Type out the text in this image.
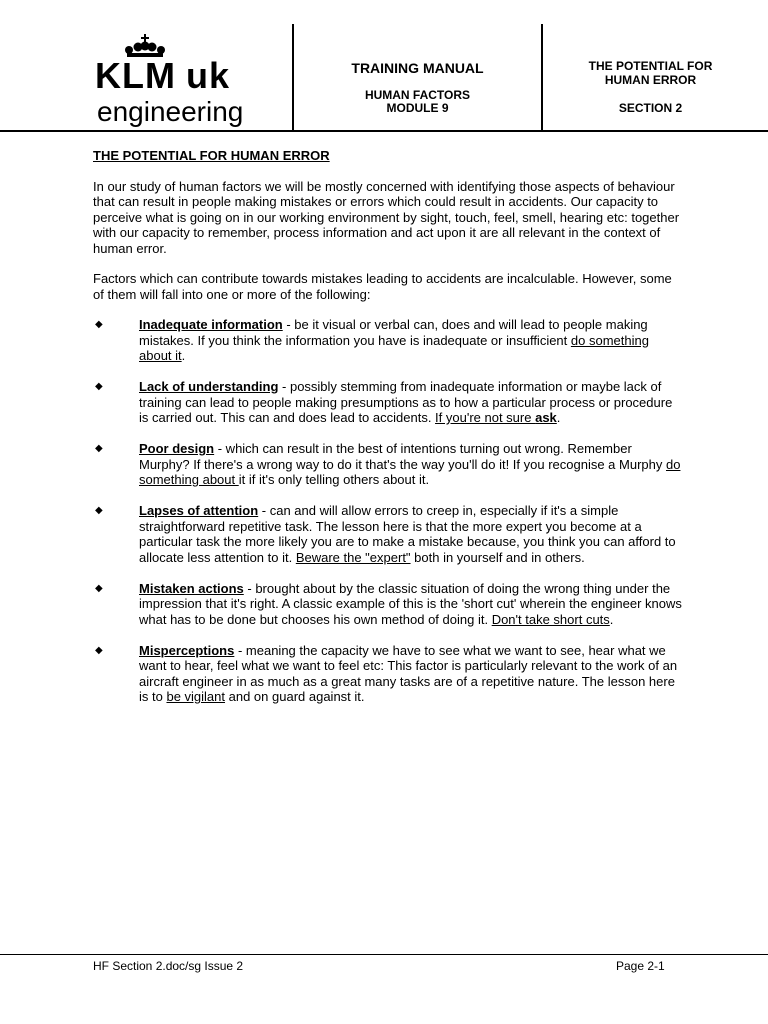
KLM uk
engineering
TRAINING MANUAL
HUMAN FACTORS
MODULE 9
THE POTENTIAL FOR
HUMAN ERROR
SECTION 2
THE POTENTIAL FOR HUMAN ERROR

In our study of human factors we will be mostly concerned with identifying those aspects of behaviour that can result in people making mistakes or errors which could result in accidents. Our capacity to perceive what is going on in our working environment by sight, touch, feel, smell, hearing etc: together with our capacity to remember, process information and act upon it are all relevant in the context of human error.

Factors which can contribute towards mistakes leading to accidents are incalculable. However, some of them will fall into one or more of the following:

◆	Inadequate information - be it visual or verbal can, does and will lead to people making mistakes. If you think the information you have is inadequate or insufficient do something about it.
◆	Lack of understanding - possibly stemming from inadequate information or maybe lack of training can lead to people making presumptions as to how a particular process or procedure is carried out. This can and does lead to accidents. If you're not sure ask.
◆	Poor design - which can result in the best of intentions turning out wrong. Remember Murphy? If there's a wrong way to do it that's the way you'll do it! If you recognise a Murphy do something about it if it's only telling others about it.
◆	Lapses of attention - can and will allow errors to creep in, especially if it's a simple straightforward repetitive task. The lesson here is that the more expert you become at a particular task the more likely you are to make a mistake because, you think you can afford to allocate less attention to it. Beware the "expert" both in yourself and in others.
◆	Mistaken actions - brought about by the classic situation of doing the wrong thing under the impression that it's right. A classic example of this is the 'short cut' wherein the engineer knows what has to be done but chooses his own method of doing it. Don't take short cuts.
◆	Misperceptions - meaning the capacity we have to see what we want to see, hear what we want to hear, feel what we want to feel etc: This factor is particularly relevant to the work of an aircraft engineer in as much as a great many tasks are of a repetitive nature. The lesson here is to be vigilant and on guard against it.
HF Section 2.doc/sg Issue 2	Page 2-1
